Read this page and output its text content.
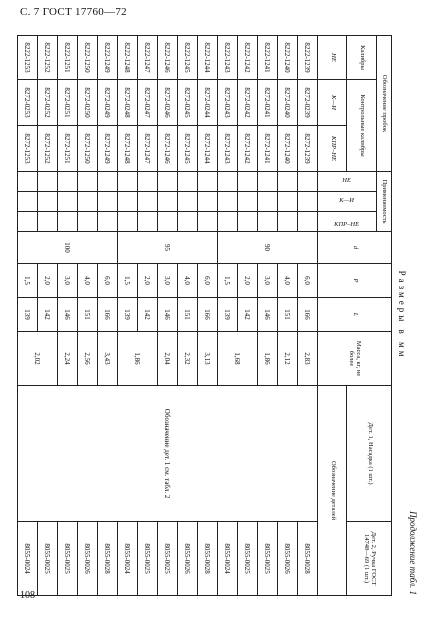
С. 7 ГОСТ 17760—72
Продолжение табл. 1
Размеры в мм
Обозначение пробок			Применяемость			d	P	L	Масса, кг, не более	Дет. 1, Насадка (1 шт.)	Дет. 2, Ручка ГОСТ 14748—69 (1 шт.)
Калибры	Контрольные калибры		НЕ	К—И	КПР–НЕ						
НЕ	К—И	КПР–НЕ								Обозначение деталей	
8222-1239	8272-0239	8272-1239				90	6,0	166	2,83	Обозначение дет. 1 см. табл. 2	8055-0028
8222-1240	8272-0240	8272-1240					4,0	151	2,12		8055-0026
8222-1241	8272-0241	8272-1241					3,0	146	1,86		8055-0025
8222-1242	8272-0242	8272-1242					2,0	142	1,68		8055-0025
8222-1243	8272-0243	8272-1243					1,5	139			8055-0024
8222-1244	8272-0244	8272-1244				95	6,0	166	3,13		8055-0028
8222-1245	8272-0245	8272-1245					4,0	151	2,32		8055-0026
8222-1246	8272-0246	8272-1246					3,0	146	2,04		8055-0025
8222-1247	8272-0247	8272-1247					2,0	142	1,86		8055-0025
8222-1248	8272-0248	8272-1248					1,5	139			8055-0024
8222-1249	8272-0249	8272-1249				100	6,0	166	3,43		8055-0028
8222-1250	8272-0250	8272-1250					4,0	151	2,56		8055-0026
8222-1251	8272-0251	8272-1251					3,0	146	2,24		8055-0025
8222-1252	8272-0252	8272-1252					2,0	142	2,02		8055-0025
8222-1253	8272-0253	8272-1253					1,5	139			8055-0024
108
